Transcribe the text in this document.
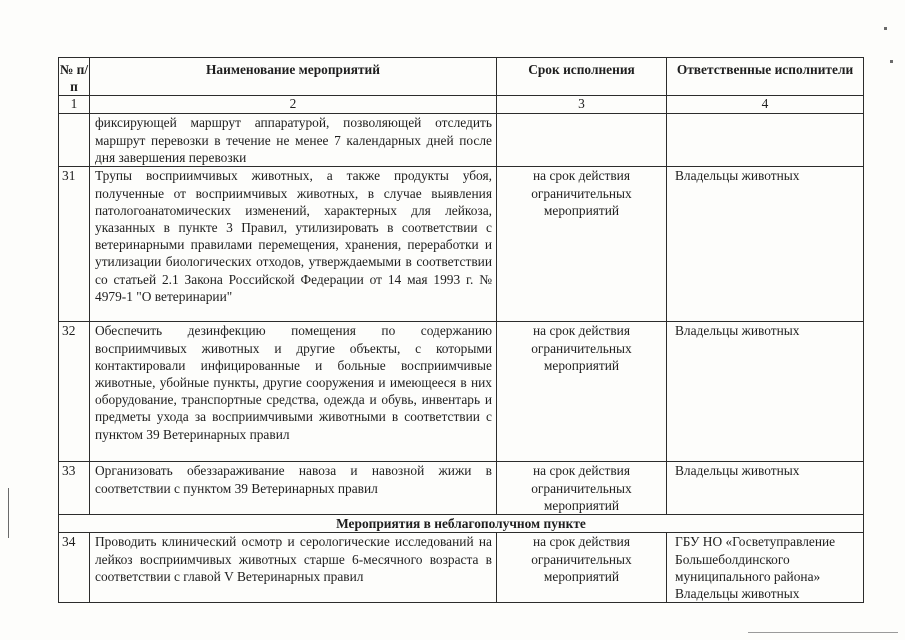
№ п/п	Наименование мероприятий	Срок исполнения	Ответственные исполнители
1	2	3	4
	фиксирующей маршрут аппаратурой, позволяющей отследить маршрут перевозки в течение не менее 7 календарных дней после дня завершения перевозки		
31	Трупы восприимчивых животных, а также продукты убоя, полученные от восприимчивых животных, в случае выявления патологоанатомических изменений, характерных для лейкоза, указанных в пункте 3 Правил, утилизировать в соответствии с ветеринарными правилами перемещения, хранения, переработки и утилизации биологических отходов, утверждаемыми в соответствии со статьей 2.1 Закона Российской Федерации от 14 мая 1993 г. № 4979-1 "О ветеринарии"	на срок действия ограничительных мероприятий	Владельцы животных
32	Обеспечить дезинфекцию помещения по содержанию восприимчивых животных и другие объекты, с которыми контактировали инфицированные и больные восприимчивые животные, убойные пункты, другие сооружения и имеющееся в них оборудование, транспортные средства, одежда и обувь, инвентарь и предметы ухода за восприимчивыми животными в соответствии с пунктом 39 Ветеринарных правил	на срок действия ограничительных мероприятий	Владельцы животных
33	Организовать обеззараживание навоза и навозной жижи в соответствии с пунктом 39 Ветеринарных правил	на срок действия ограничительных мероприятий	Владельцы животных
Мероприятия в неблагополучном пункте			
34	Проводить клинический осмотр и серологические исследований на лейкоз восприимчивых животных старше 6-месячного возраста в соответствии с главой V Ветеринарных правил	на срок действия ограничительных мероприятий	ГБУ НО «Госветуправление Большеболдинского муниципального района» Владельцы животных
